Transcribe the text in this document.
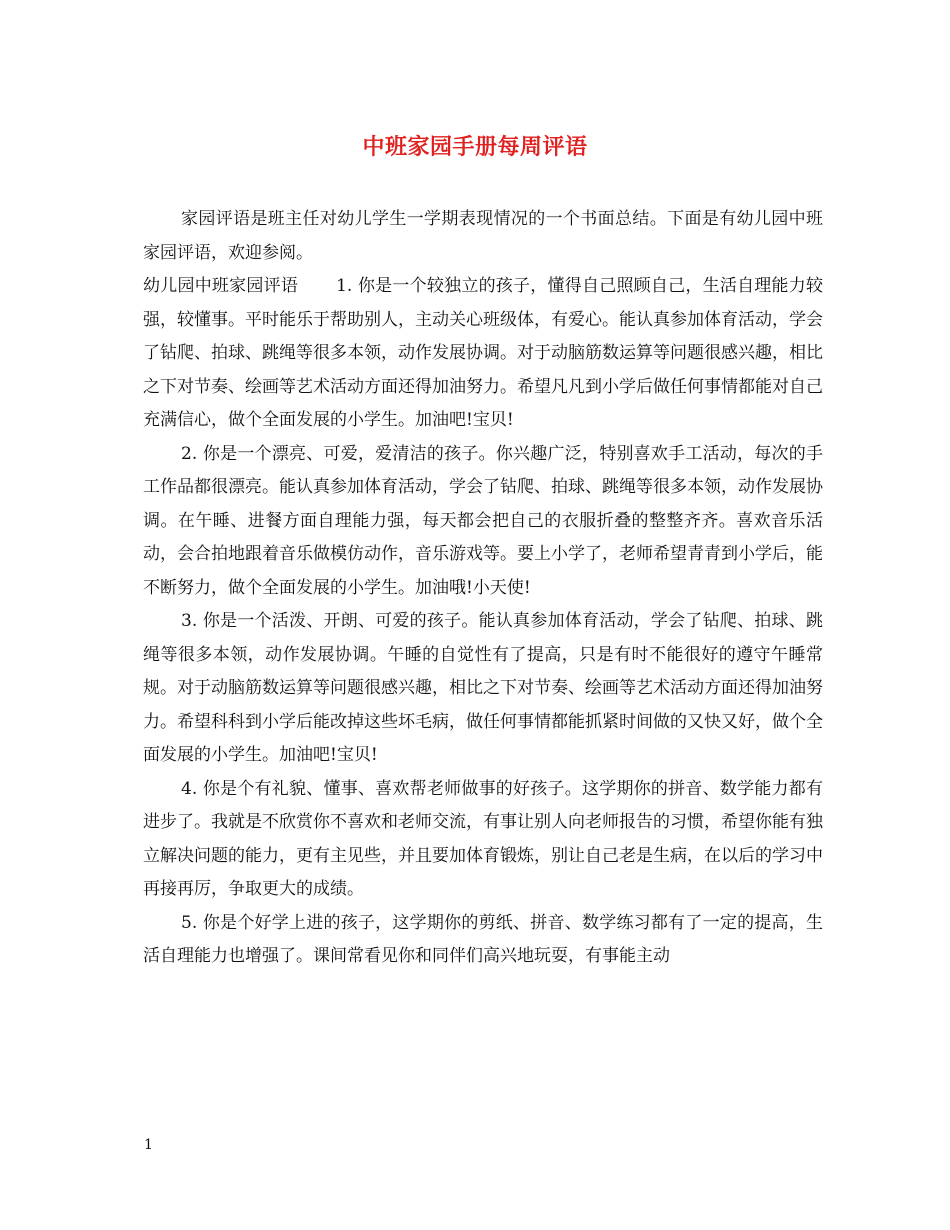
中班家园手册每周评语

家园评语是班主任对幼儿学生一学期表现情况的一个书面总结。下面是有幼儿园中班家园评语，欢迎参阅。

幼儿园中班家园评语 1. 你是一个较独立的孩子，懂得自己照顾自己，生活自理能力较强，较懂事。平时能乐于帮助别人，主动关心班级体，有爱心。能认真参加体育活动，学会了钻爬、拍球、跳绳等很多本领，动作发展协调。对于动脑筋数运算等问题很感兴趣，相比之下对节奏、绘画等艺术活动方面还得加油努力。希望凡凡到小学后做任何事情都能对自己充满信心，做个全面发展的小学生。加油吧!宝贝!

2. 你是一个漂亮、可爱，爱清洁的孩子。你兴趣广泛，特别喜欢手工活动，每次的手工作品都很漂亮。能认真参加体育活动，学会了钻爬、拍球、跳绳等很多本领，动作发展协调。在午睡、进餐方面自理能力强，每天都会把自己的衣服折叠的整整齐齐。喜欢音乐活动，会合拍地跟着音乐做模仿动作，音乐游戏等。要上小学了，老师希望青青到小学后，能不断努力，做个全面发展的小学生。加油哦!小天使!

3. 你是一个活泼、开朗、可爱的孩子。能认真参加体育活动，学会了钻爬、拍球、跳绳等很多本领，动作发展协调。午睡的自觉性有了提高，只是有时不能很好的遵守午睡常规。对于动脑筋数运算等问题很感兴趣，相比之下对节奏、绘画等艺术活动方面还得加油努力。希望科科到小学后能改掉这些坏毛病，做任何事情都能抓紧时间做的又快又好，做个全面发展的小学生。加油吧!宝贝!

4. 你是个有礼貌、懂事、喜欢帮老师做事的好孩子。这学期你的拼音、数学能力都有进步了。我就是不欣赏你不喜欢和老师交流，有事让别人向老师报告的习惯，希望你能有独立解决问题的能力，更有主见些，并且要加体育锻炼，别让自己老是生病，在以后的学习中再接再厉，争取更大的成绩。

5. 你是个好学上进的孩子，这学期你的剪纸、拼音、数学练习都有了一定的提高，生活自理能力也增强了。课间常看见你和同伴们高兴地玩耍，有事能主动

1
